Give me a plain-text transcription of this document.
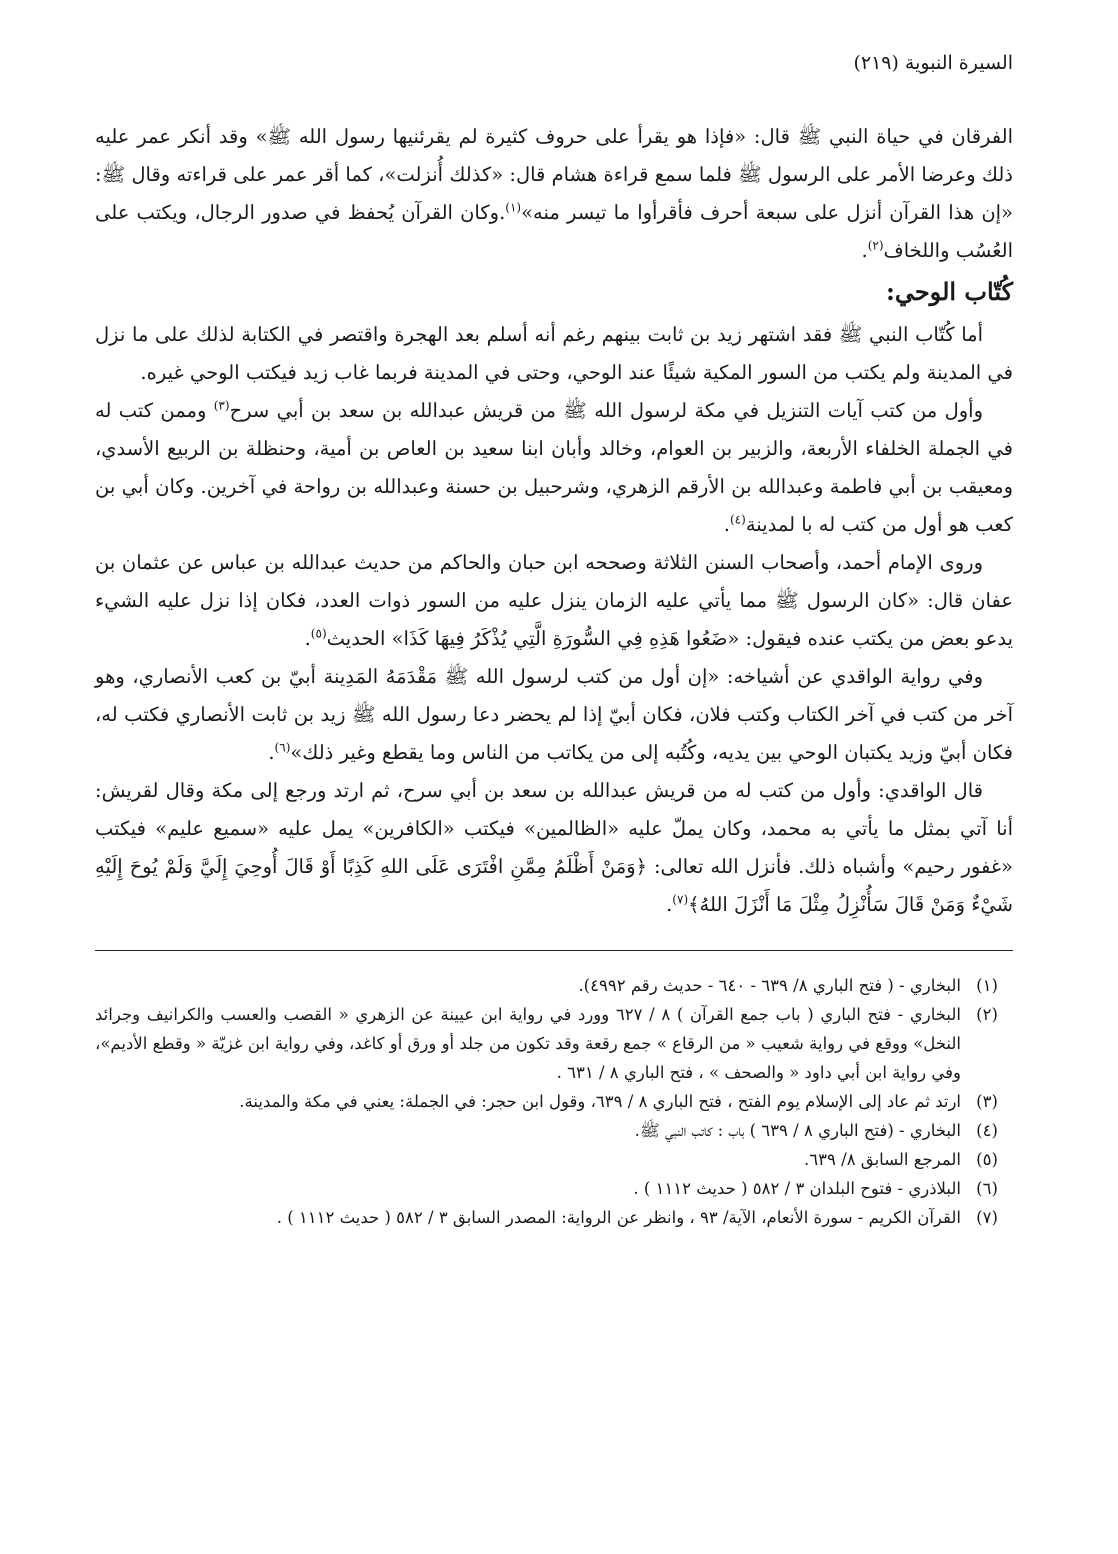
السيرة النبوية (٢١٩)

الفرقان في حياة النبي ﷺ قال: «فإذا هو يقرأ على حروف كثيرة لم يقرئنيها رسول الله ﷺ» وقد أنكر عمر عليه ذلك وعرضا الأمر على الرسول ﷺ فلما سمع قراءة هشام قال: «كذلك أُنزلت»، كما أقر عمر على قراءته وقال ﷺ: «إن هذا القرآن أنزل على سبعة أحرف فأقرأوا ما تيسر منه»$^{(١)}$.وكان القرآن يُحفظ في صدور الرجال، ويكتب على العُسُب واللخاف$^{(٢)}$.

كُتّاب الوحي:

أما كُتّاب النبي ﷺ فقد اشتهر زيد بن ثابت بينهم رغم أنه أسلم بعد الهجرة واقتصر في الكتابة لذلك على ما نزل في المدينة ولم يكتب من السور المكية شيئًا عند الوحي، وحتى في المدينة فربما غاب زيد فيكتب الوحي غيره.

وأول من كتب آيات التنزيل في مكة لرسول الله ﷺ من قريش عبدالله بن سعد بن أبي سرح$^{(٣)}$ وممن كتب له في الجملة الخلفاء الأربعة، والزبير بن العوام، وخالد وأبان ابنا سعيد بن العاص بن أمية، وحنظلة بن الربيع الأسدي، ومعيقب بن أبي فاطمة وعبدالله بن الأرقم الزهري، وشرحبيل بن حسنة وعبدالله بن رواحة في آخرين. وكان أبي بن كعب هو أول من كتب له با لمدينة$^{(٤)}$.

وروى الإمام أحمد، وأصحاب السنن الثلاثة وصححه ابن حبان والحاكم من حديث عبدالله بن عباس عن عثمان بن عفان قال: «كان الرسول ﷺ مما يأتي عليه الزمان ينزل عليه من السور ذوات العدد، فكان إذا نزل عليه الشيء يدعو بعض من يكتب عنده فيقول: «ضَعُوا هَذِهِ فِي السُّورَةِ الَّتِي يُذْكَرُ فِيهَا كَذَا» الحديث$^{(٥)}$.

وفي رواية الواقدي عن أشياخه: «إن أول من كتب لرسول الله ﷺ مَقْدَمَهُ المَدِينة أبيّ بن كعب الأنصاري، وهو آخر من كتب في آخر الكتاب وكتب فلان، فكان أبيّ إذا لم يحضر دعا رسول الله ﷺ زيد بن ثابت الأنصاري فكتب له، فكان أبيّ وزيد يكتبان الوحي بين يديه، وكُتُبه إلى من يكاتب من الناس وما يقطع وغير ذلك»$^{(٦)}$.

قال الواقدي: وأول من كتب له من قريش عبدالله بن سعد بن أبي سرح، ثم ارتد ورجع إلى مكة وقال لقريش: أنا آتي بمثل ما يأتي به محمد، وكان يملّ عليه «الظالمين» فيكتب «الكافرين» يمل عليه «سميع عليم» فيكتب «غفور رحيم» وأشباه ذلك. فأنزل الله تعالى: ﴿وَمَنْ أَظْلَمُ مِمَّنِ افْتَرَى عَلَى اللهِ كَذِبًا أَوْ قَالَ أُوحِيَ إِلَيَّ وَلَمْ يُوحَ إِلَيْهِ شَيْءٌ وَمَنْ قَالَ سَأُنْزِلُ مِثْلَ مَا أَنْزَلَ اللهُ﴾$^{(٧)}$.

(١)
البخاري - ( فتح الباري ٨/ ٦٣٩ - ٦٤٠ - حديث رقم ٤٩٩٢).
(٢)
البخاري - فتح الباري ( باب جمع القرآن ) ٨ / ٦٢٧ وورد في رواية ابن عيينة عن الزهري « القصب والعسب والكرانيف وجرائد النخل» ووقع في رواية شعيب « من الرقاع » جمع رقعة وقد تكون من جلد أو ورق أو كاغد، وفي رواية ابن غزيّة « وقطع الأديم»، وفي رواية ابن أبي داود « والصحف » ، فتح الباري ٨ / ٦٣١ .
(٣)
ارتد ثم عاد إلى الإسلام يوم الفتح ، فتح الباري ٨ / ٦٣٩، وقول ابن حجر: في الجملة: يعني في مكة والمدينة.
(٤)
البخاري - (فتح الباري ٨ / ٦٣٩ ) باب : كاتب النبي ﷺ.
(٥)
المرجع السابق ٨/ ٦٣٩.
(٦)
البلاذري - فتوح البلدان ٣ / ٥٨٢ ( حديث ١١١٢ ) .
(٧)
القرآن الكريم - سورة الأنعام، الآية/ ٩٣ ، وانظر عن الرواية: المصدر السابق ٣ / ٥٨٢ ( حديث ١١١٢ ) .
